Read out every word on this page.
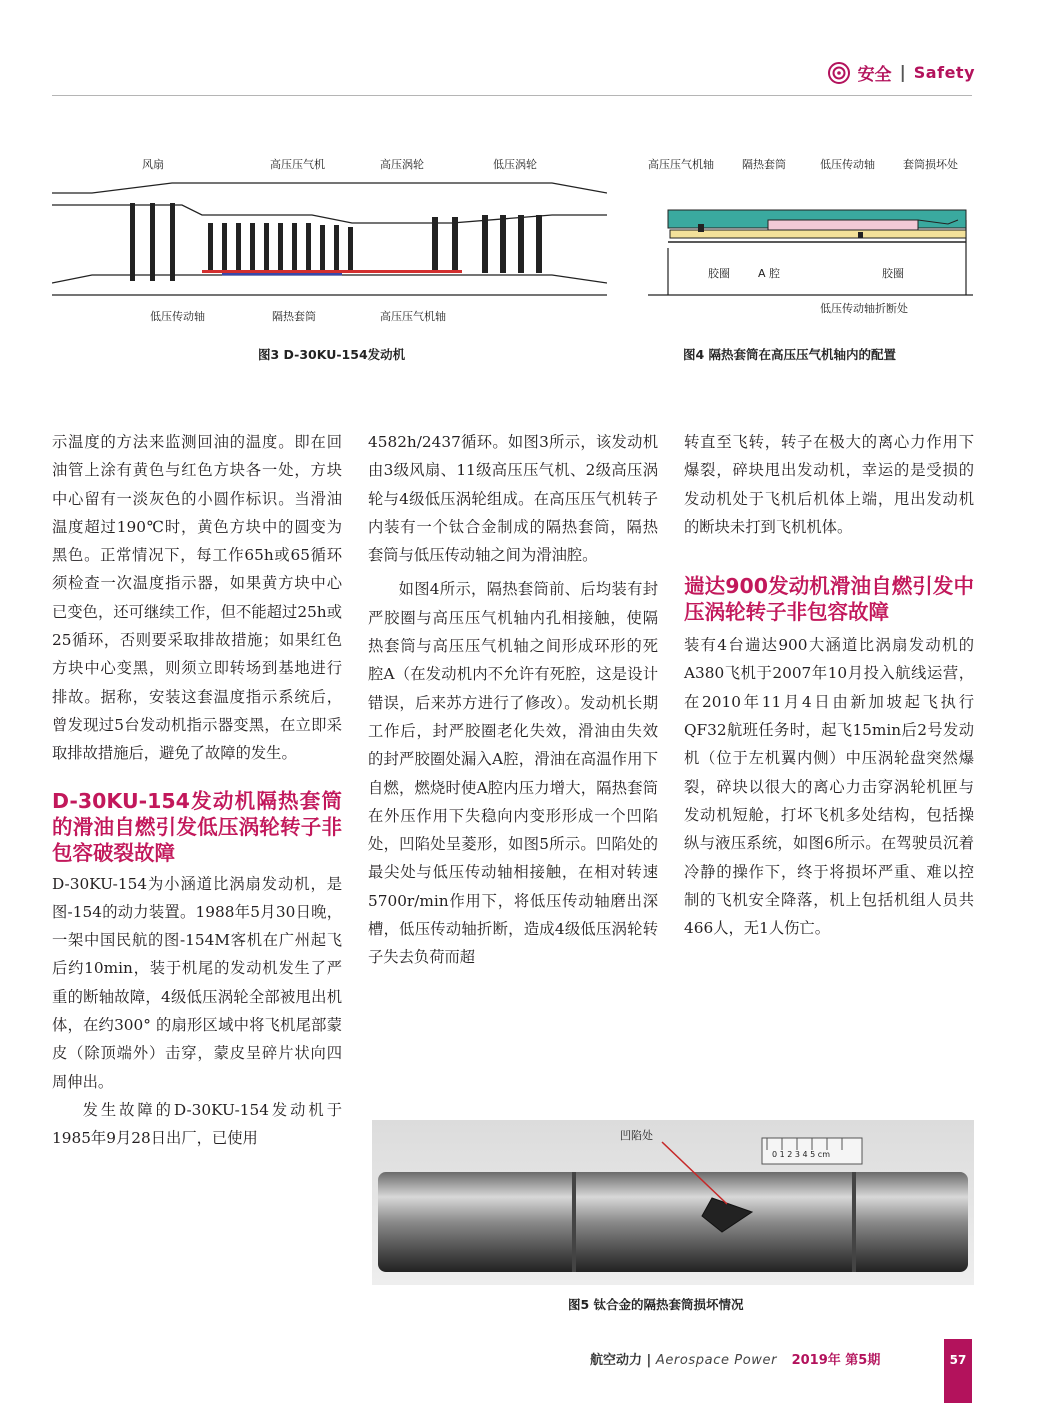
安全 | Safety
风扇	高压压气机	高压涡轮	低压涡轮
低压传动轴	隔热套筒	高压压气机轴
图3 D-30KU-154发动机
高压压气机轴	隔热套筒	低压传动轴	套筒损坏处
胶圈	A 腔	胶圈
低压传动轴折断处
图4 隔热套筒在高压压气机轴内的配置

示温度的方法来监测回油的温度。即在回油管上涂有黄色与红色方块各一处，方块中心留有一淡灰色的小圆作标识。当滑油温度超过190℃时，黄色方块中的圆变为黑色。正常情况下，每工作65h或65循环须检查一次温度指示器，如果黄方块中心已变色，还可继续工作，但不能超过25h或25循环，否则要采取排故措施；如果红色方块中心变黑，则须立即转场到基地进行排故。据称，安装这套温度指示系统后，曾发现过5台发动机指示器变黑，在立即采取排故措施后，避免了故障的发生。

D-30KU-154发动机隔热套筒的滑油自燃引发低压涡轮转子非包容破裂故障

D-30KU-154为小涵道比涡扇发动机，是图-154的动力装置。1988年5月30日晚，一架中国民航的图-154M客机在广州起飞后约10min，装于机尾的发动机发生了严重的断轴故障，4级低压涡轮全部被甩出机体，在约300° 的扇形区域中将飞机尾部蒙皮（除顶端外）击穿，蒙皮呈碎片状向四周伸出。

发生故障的D-30KU-154发动机于1985年9月28日出厂，已使用

4582h/2437循环。如图3所示，该发动机由3级风扇、11级高压压气机、2级高压涡轮与4级低压涡轮组成。在高压压气机转子内装有一个钛合金制成的隔热套筒，隔热套筒与低压传动轴之间为滑油腔。

如图4所示，隔热套筒前、后均装有封严胶圈与高压压气机轴内孔相接触，使隔热套筒与高压压气机轴之间形成环形的死腔A（在发动机内不允许有死腔，这是设计错误，后来苏方进行了修改）。发动机长期工作后，封严胶圈老化失效，滑油由失效的封严胶圈处漏入A腔，滑油在高温作用下自燃，燃烧时使A腔内压力增大，隔热套筒在外压作用下失稳向内变形形成一个凹陷处，凹陷处呈菱形，如图5所示。凹陷处的最尖处与低压传动轴相接触，在相对转速5700r/min作用下，将低压传动轴磨出深槽，低压传动轴折断，造成4级低压涡轮转子失去负荷而超

转直至飞转，转子在极大的离心力作用下爆裂，碎块甩出发动机，幸运的是受损的发动机处于飞机后机体上端，甩出发动机的断块未打到飞机机体。

遄达900发动机滑油自燃引发中压涡轮转子非包容故障

装有4台遄达900大涵道比涡扇发动机的A380飞机于2007年10月投入航线运营，在2010年11月4日由新加坡起飞执行QF32航班任务时，起飞15min后2号发动机（位于左机翼内侧）中压涡轮盘突然爆裂，碎块以很大的离心力击穿涡轮机匣与发动机短舱，打坏飞机多处结构，包括操纵与液压系统，如图6所示。在驾驶员沉着冷静的操作下，终于将损坏严重、难以控制的飞机安全降落，机上包括机组人员共466人，无1人伤亡。

0 1 2 3 4 5 cm
凹陷处
图5 钛合金的隔热套筒损坏情况
航空动力 | Aerospace Power 2019年 第5期	57
